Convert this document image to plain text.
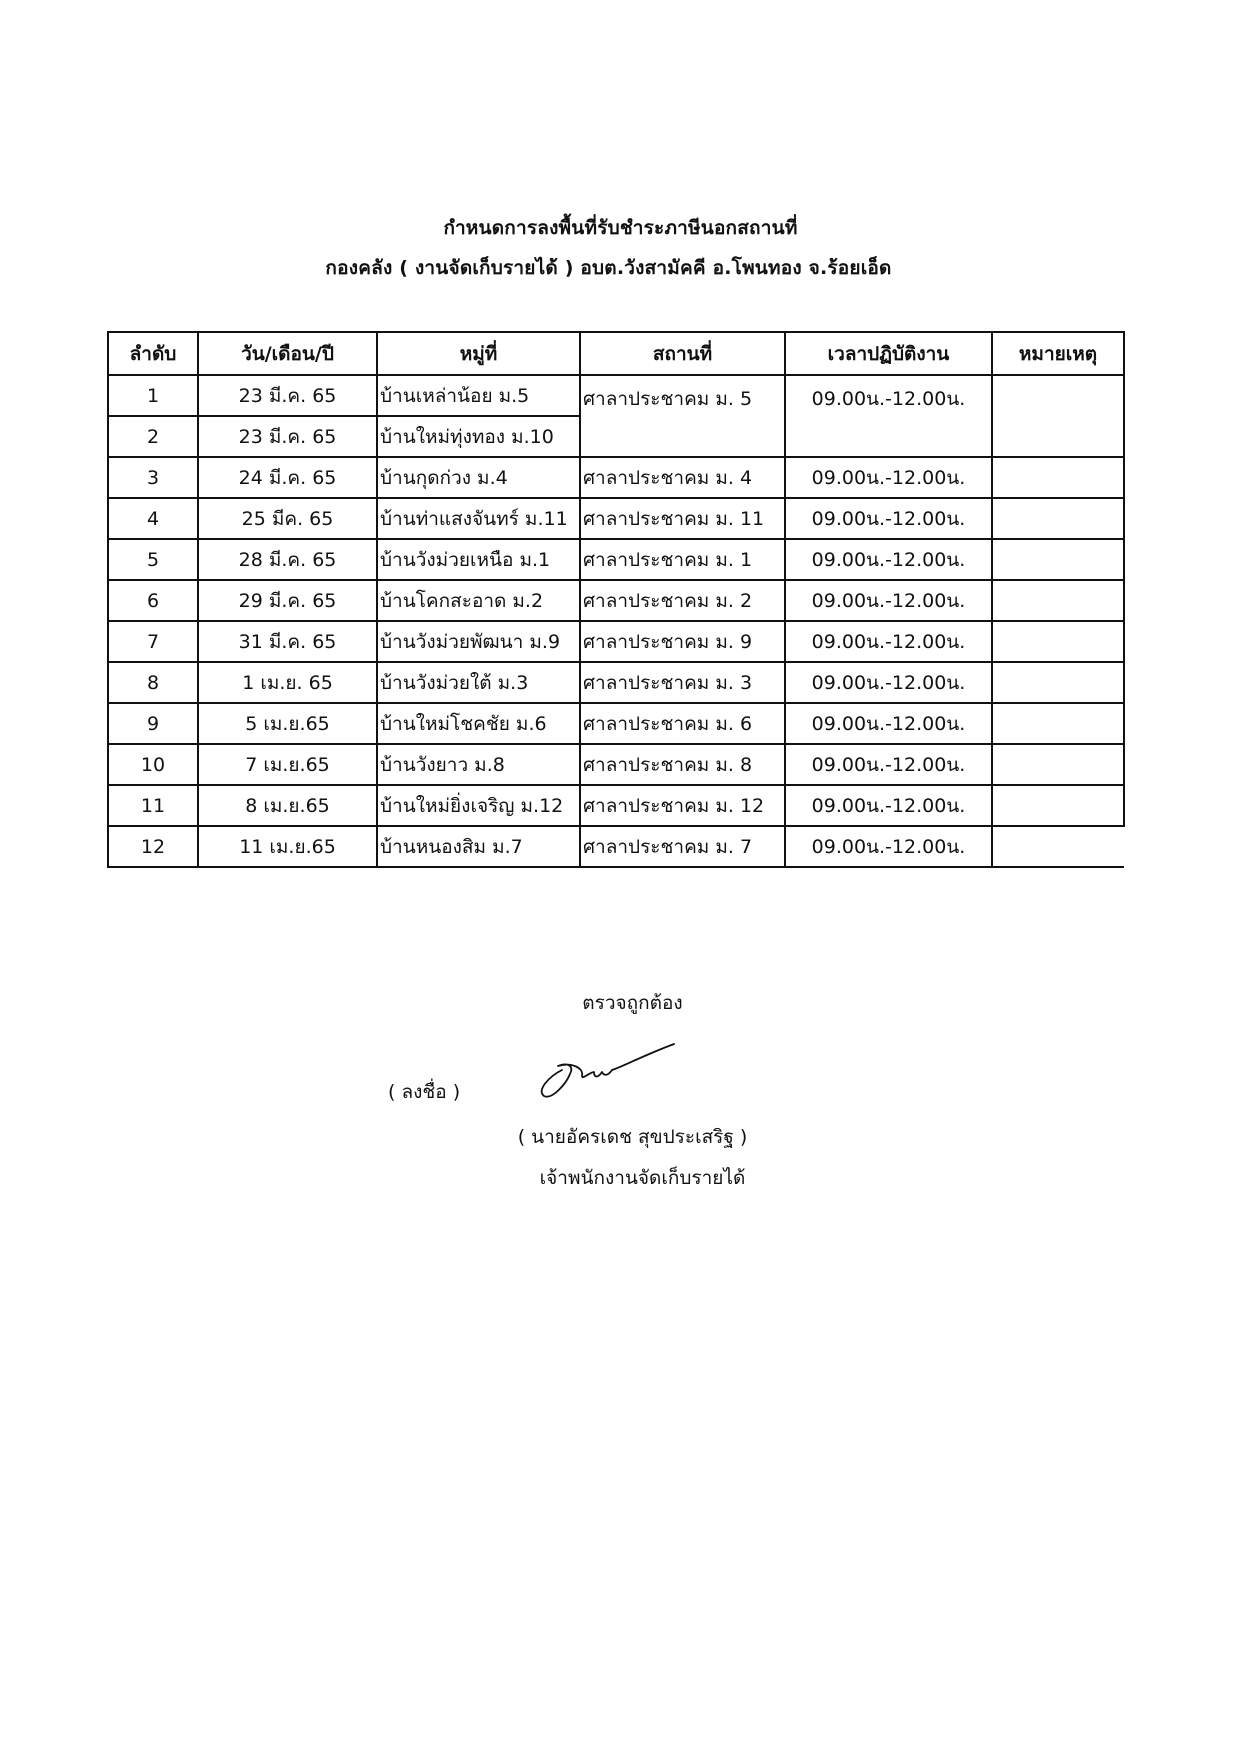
กำหนดการลงพื้นที่รับชำระภาษีนอกสถานที่
กองคลัง ( งานจัดเก็บรายได้ ) อบต.วังสามัคคี อ.โพนทอง จ.ร้อยเอ็ด
ลำดับ	วัน/เดือน/ปี	หมู่ที่	สถานที่	เวลาปฏิบัติงาน	หมายเหตุ
1	23 มี.ค. 65	บ้านเหล่าน้อย ม.5	ศาลาประชาคม ม. 5	09.00น.-12.00น.	
2	23 มี.ค. 65	บ้านใหม่ทุ่งทอง ม.10			
3	24 มี.ค. 65	บ้านกุดก่วง ม.4	ศาลาประชาคม ม. 4	09.00น.-12.00น.	
4	25 มีค. 65	บ้านท่าแสงจันทร์ ม.11	ศาลาประชาคม ม. 11	09.00น.-12.00น.	
5	28 มี.ค. 65	บ้านวังม่วยเหนือ ม.1	ศาลาประชาคม ม. 1	09.00น.-12.00น.	
6	29 มี.ค. 65	บ้านโคกสะอาด ม.2	ศาลาประชาคม ม. 2	09.00น.-12.00น.	
7	31 มี.ค. 65	บ้านวังม่วยพัฒนา ม.9	ศาลาประชาคม ม. 9	09.00น.-12.00น.	
8	1 เม.ย. 65	บ้านวังม่วยใต้ ม.3	ศาลาประชาคม ม. 3	09.00น.-12.00น.	
9	5 เม.ย.65	บ้านใหม่โชคชัย ม.6	ศาลาประชาคม ม. 6	09.00น.-12.00น.	
10	7 เม.ย.65	บ้านวังยาว ม.8	ศาลาประชาคม ม. 8	09.00น.-12.00น.	
11	8 เม.ย.65	บ้านใหม่ยิ่งเจริญ ม.12	ศาลาประชาคม ม. 12	09.00น.-12.00น.	
12	11 เม.ย.65	บ้านหนองสิม ม.7	ศาลาประชาคม ม. 7	09.00น.-12.00น.	
ตรวจถูกต้อง
( ลงชื่อ )
( นายอัครเดช สุขประเสริฐ )
เจ้าพนักงานจัดเก็บรายได้
